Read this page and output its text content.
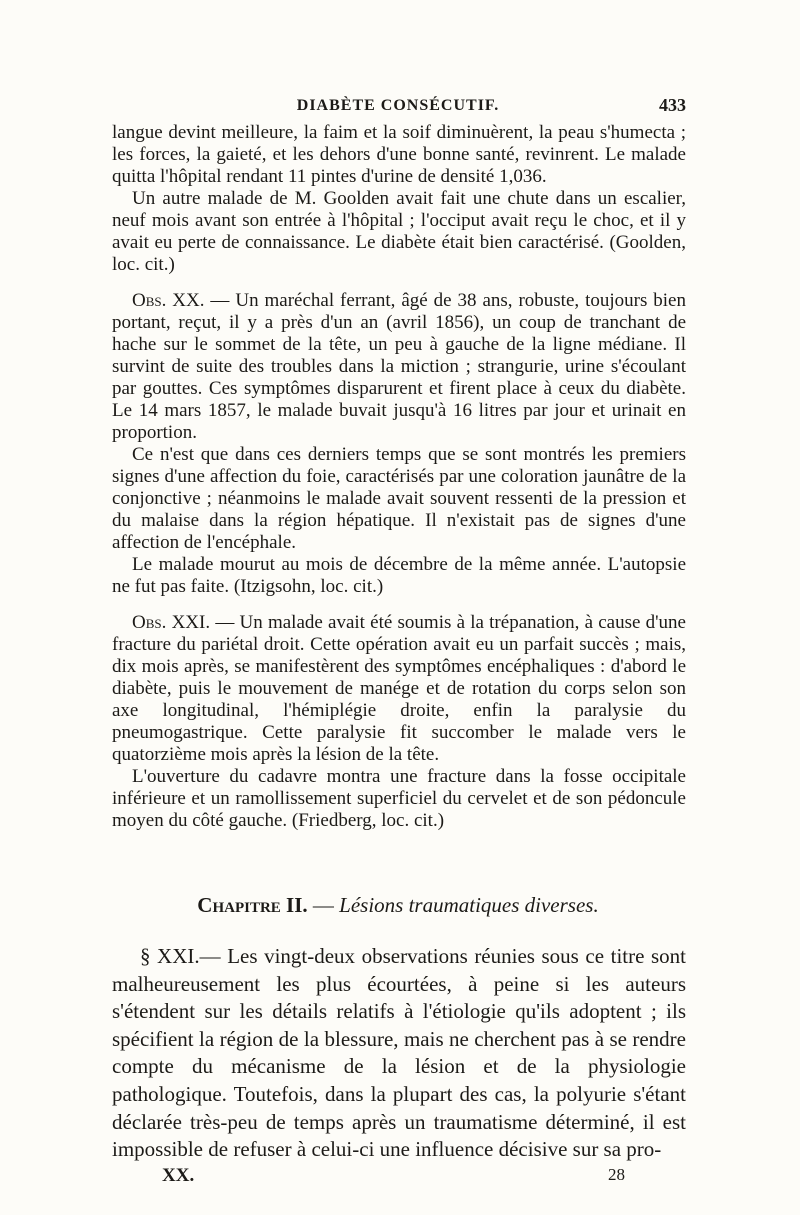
DIABÈTE CONSÉCUTIF.	433

langue devint meilleure, la faim et la soif diminuèrent, la peau s'humecta ; les forces, la gaieté, et les dehors d'une bonne santé, revinrent. Le malade quitta l'hôpital rendant 11 pintes d'urine de densité 1,036.

Un autre malade de M. Goolden avait fait une chute dans un escalier, neuf mois avant son entrée à l'hôpital ; l'occiput avait reçu le choc, et il y avait eu perte de connaissance. Le diabète était bien caractérisé. (Goolden, loc. cit.)

Obs. XX. — Un maréchal ferrant, âgé de 38 ans, robuste, toujours bien portant, reçut, il y a près d'un an (avril 1856), un coup de tranchant de hache sur le sommet de la tête, un peu à gauche de la ligne médiane. Il survint de suite des troubles dans la miction ; strangurie, urine s'écoulant par gouttes. Ces symptômes disparurent et firent place à ceux du diabète. Le 14 mars 1857, le malade buvait jusqu'à 16 litres par jour et urinait en proportion.

Ce n'est que dans ces derniers temps que se sont montrés les premiers signes d'une affection du foie, caractérisés par une coloration jaunâtre de la conjonctive ; néanmoins le malade avait souvent ressenti de la pression et du malaise dans la région hépatique. Il n'existait pas de signes d'une affection de l'encéphale.

Le malade mourut au mois de décembre de la même année. L'autopsie ne fut pas faite. (Itzigsohn, loc. cit.)

Obs. XXI. — Un malade avait été soumis à la trépanation, à cause d'une fracture du pariétal droit. Cette opération avait eu un parfait succès ; mais, dix mois après, se manifestèrent des symptômes encéphaliques : d'abord le diabète, puis le mouvement de manége et de rotation du corps selon son axe longitudinal, l'hémiplégie droite, enfin la paralysie du pneumogastrique. Cette paralysie fit succomber le malade vers le quatorzième mois après la lésion de la tête.

L'ouverture du cadavre montra une fracture dans la fosse occipitale inférieure et un ramollissement superficiel du cervelet et de son pédoncule moyen du côté gauche. (Friedberg, loc. cit.)

Chapitre II. — Lésions traumatiques diverses.

§ XXI.— Les vingt-deux observations réunies sous ce titre sont malheureusement les plus écourtées, à peine si les auteurs s'étendent sur les détails relatifs à l'étiologie qu'ils adoptent ; ils spécifient la région de la blessure, mais ne cherchent pas à se rendre compte du mécanisme de la lésion et de la physiologie pathologique. Toutefois, dans la plupart des cas, la polyurie s'étant déclarée très-peu de temps après un traumatisme déterminé, il est impossible de refuser à celui-ci une influence décisive sur sa pro-

XX.	28
